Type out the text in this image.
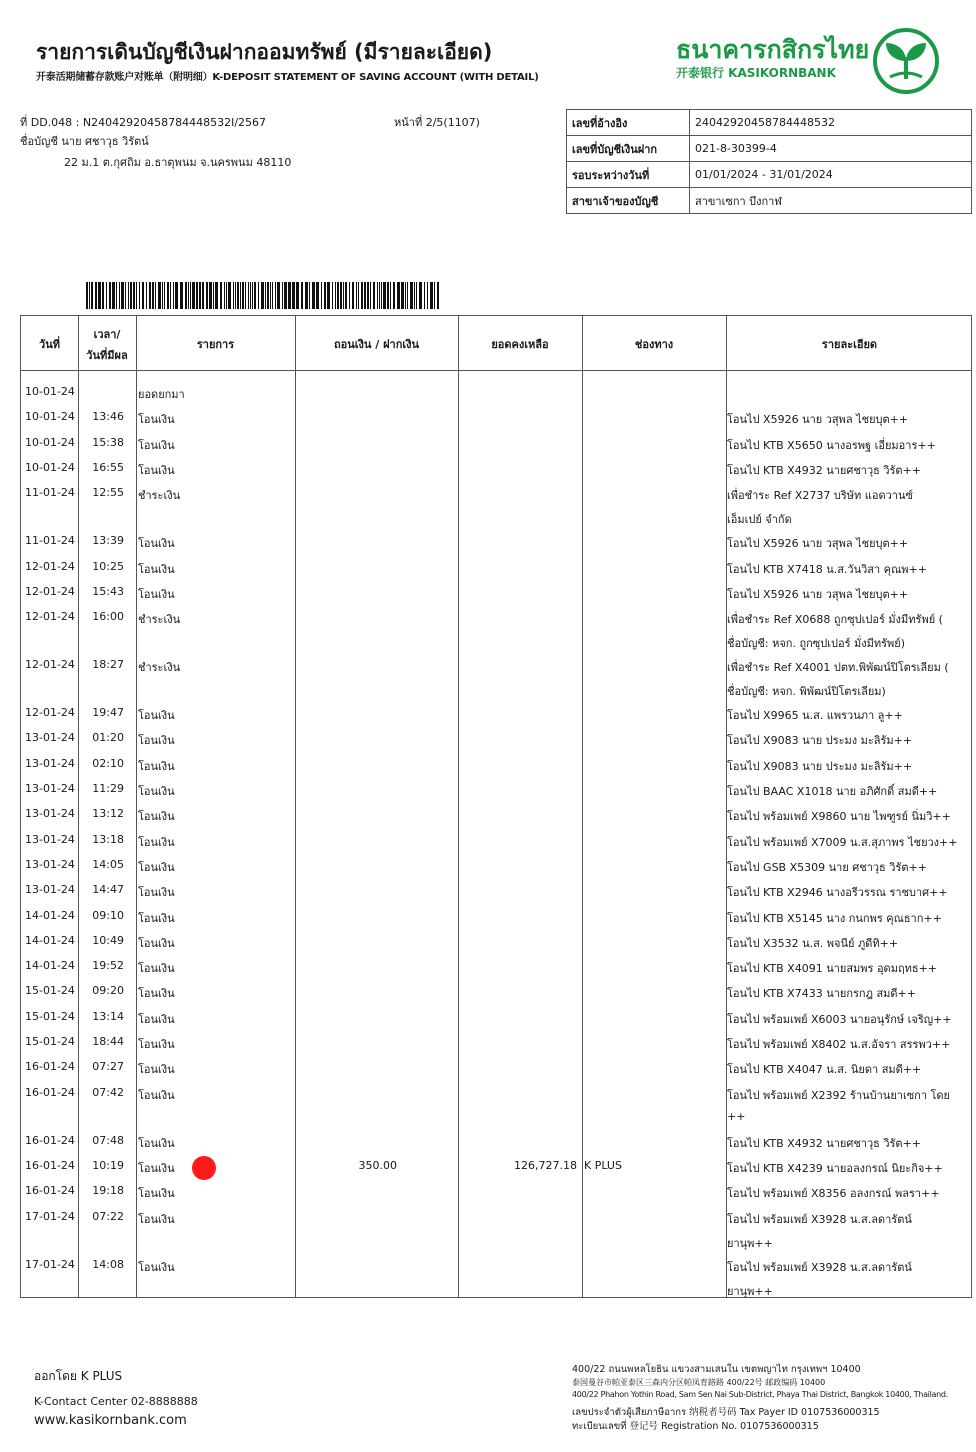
รายการเดินบัญชีเงินฝากออมทรัพย์ (มีรายละเอียด)
开泰活期储蓄存款账户对账单（附明细）K-DEPOSIT STATEMENT OF SAVING ACCOUNT (WITH DETAIL)
ธนาคารกสิกรไทย
开泰银行 KASIKORNBANK
ที่ DD.048 : N24042920458784448532I/2567
ชื่อบัญชี นาย ศชาวุธ วิรัตน์
22 ม.1 ต.กุศถิม อ.ธาตุพนม จ.นครพนม 48110
หน้าที่ 2/5(1107)	เลขที่อ้างอิง	24042920458784448532
เลขที่บัญชีเงินฝาก	021-8-30399-4
รอบระหว่างวันที่	01/01/2024 - 31/01/2024
สาขาเจ้าของบัญชี	สาขาเซกา บึงกาฬ
วันที่
เวลา/
วันที่มีผล
รายการ	ถอนเงิน / ฝากเงิน	ยอดคงเหลือ	ช่องทาง	รายละเอียด
10-01-24	ยอดยกมา
10-01-24	13:46 โอนเงิน	โอนไป X5926 นาย วสุพล ไชยบุต++
10-01-24	15:38 โอนเงิน	โอนไป KTB X5650 นางอรพฐ เอี่ยมอาร++
10-01-24	16:55 โอนเงิน	โอนไป KTB X4932 นายศชาวุธ วิรัต++
11-01-24	12:55 ชำระเงิน	เพื่อชำระ Ref X2737 บริษัท แอดวานซ์
เอ็มเปย์ จำกัด
11-01-24	13:39 โอนเงิน	โอนไป X5926 นาย วสุพล ไชยบุต++
12-01-24	10:25 โอนเงิน	โอนไป KTB X7418 น.ส.วันวิสา คุณพ++
12-01-24	15:43 โอนเงิน	โอนไป X5926 นาย วสุพล ไชยบุต++
12-01-24	16:00 ชำระเงิน	เพื่อชำระ Ref X0688 ถูกซุปเปอร์ มั่งมีทรัพย์ (
ชื่อบัญชี: หจก. ถูกซุปเปอร์ มั่งมีทรัพย์)
12-01-24	18:27 ชำระเงิน	เพื่อชำระ Ref X4001 ปตท.พิพัฒน์ปิโตรเลียม (
ชื่อบัญชี: หจก. พิพัฒน์ปิโตรเลียม)
12-01-24	19:47 โอนเงิน	โอนไป X9965 น.ส. แพรวนภา ลู++
13-01-24	01:20 โอนเงิน	โอนไป X9083 นาย ประมง มะลิรัม++
13-01-24	02:10 โอนเงิน	โอนไป X9083 นาย ประมง มะลิรัม++
13-01-24	11:29 โอนเงิน	โอนไป BAAC X1018 นาย อภิศักดิ์ สมดี++
13-01-24	13:12 โอนเงิน	โอนไป พร้อมเพย์ X9860 นาย ไพฑูรย์ นิ่มวิ++
13-01-24	13:18 โอนเงิน	โอนไป พร้อมเพย์ X7009 น.ส.สุภาพร ไชยวง++
13-01-24	14:05 โอนเงิน	โอนไป GSB X5309 นาย ศชาวุธ วิรัต++
13-01-24	14:47 โอนเงิน	โอนไป KTB X2946 นางอรีวรรณ ราชบาศ++
14-01-24	09:10 โอนเงิน	โอนไป KTB X5145 นาง กนกพร คุณธาก++
14-01-24	10:49 โอนเงิน	โอนไป X3532 น.ส. พจนีย์ ภูดีทิ++
14-01-24	19:52 โอนเงิน	โอนไป KTB X4091 นายสมพร อุดมฤทธ++
15-01-24	09:20 โอนเงิน	โอนไป KTB X7433 นายกรกฎ สมดี++
15-01-24	13:14 โอนเงิน	โอนไป พร้อมเพย์ X6003 นายอนุรักษ์ เจริญ++
15-01-24	18:44 โอนเงิน	โอนไป พร้อมเพย์ X8402 น.ส.อัจรา สรรพว++
16-01-24	07:27 โอนเงิน	โอนไป KTB X4047 น.ส. นิยดา สมดี++
16-01-24	07:42 โอนเงิน	โอนไป พร้อมเพย์ X2392 ร้านบ้านยาเซกา โดย
++
16-01-24	07:48 โอนเงิน	โอนไป KTB X4932 นายศชาวุธ วิรัต++
16-01-24	10:19 โอนเงิน	350.00	126,727.18 K PLUS	โอนไป KTB X4239 นายอลงกรณ์ นิยะกิจ++
16-01-24	19:18 โอนเงิน	โอนไป พร้อมเพย์ X8356 อลงกรณ์ พลรา++
17-01-24	07:22 โอนเงิน	โอนไป พร้อมเพย์ X3928 น.ส.ลดารัตน์
ยานุพ++
17-01-24	14:08 โอนเงิน	โอนไป พร้อมเพย์ X3928 น.ส.ลดารัตน์
ยานุพ++
ออกโดย K PLUS
K-Contact Center 02-8888888
www.kasikornbank.com
400/22 ถนนพหลโยธิน แขวงสามเสนใน เขตพญาไท กรุงเทพฯ 10400
泰国曼谷市帕亚泰区三森内分区帕凤育路路 400/22号 邮政编码 10400
400/22 Phahon Yothin Road, Sam Sen Nai Sub-District, Phaya Thai District, Bangkok 10400, Thailand.
เลขประจำตัวผู้เสียภาษีอากร 纳税者号码 Tax Payer ID 0107536000315
ทะเบียนเลขที่ 登记号 Registration No. 0107536000315
